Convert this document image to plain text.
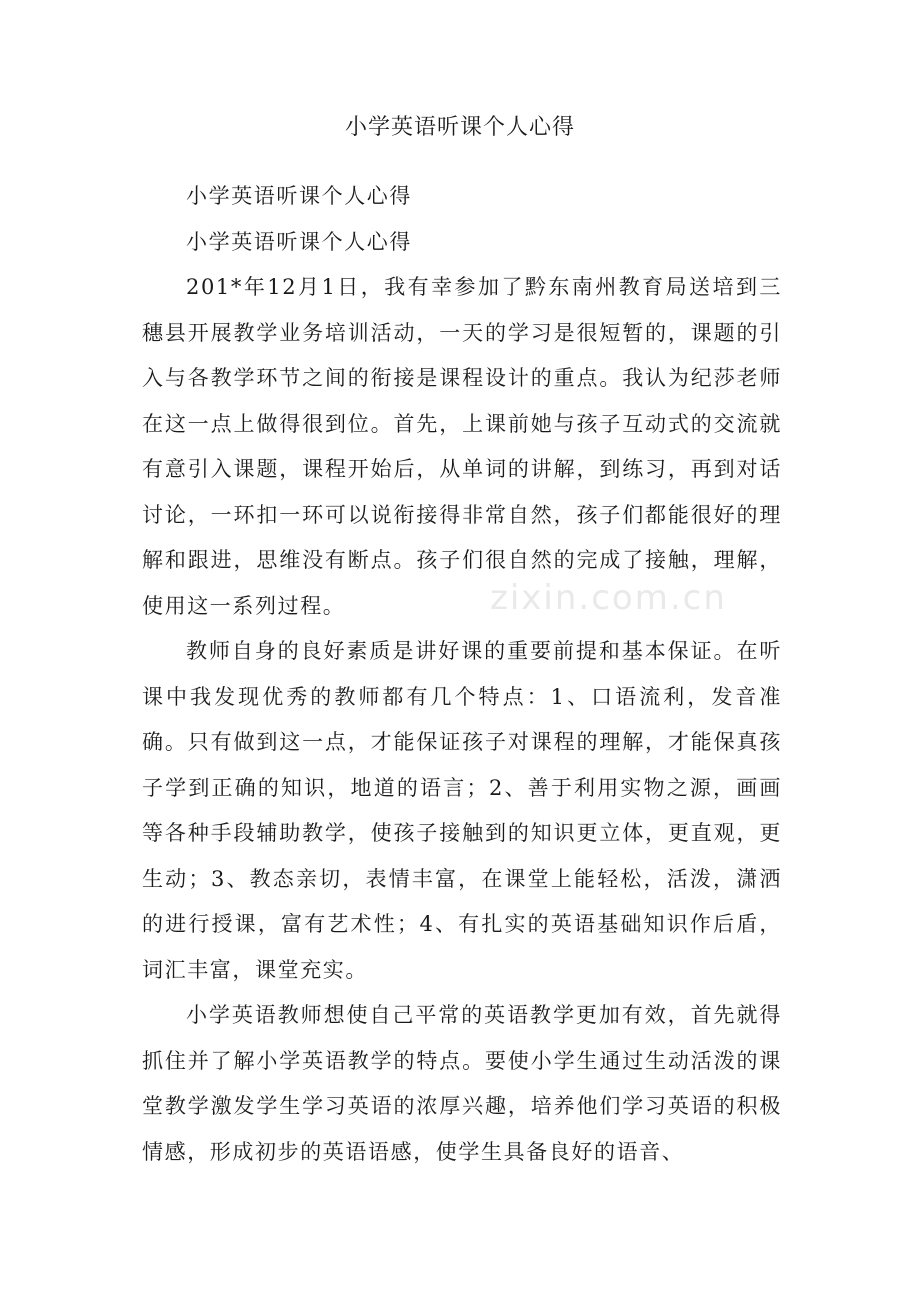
小学英语听课个人心得
zixin.com.cn

小学英语听课个人心得

小学英语听课个人心得

201*年12月1日，我有幸参加了黔东南州教育局送培到三穗县开展教学业务培训活动，一天的学习是很短暂的，课题的引入与各教学环节之间的衔接是课程设计的重点。我认为纪莎老师在这一点上做得很到位。首先，上课前她与孩子互动式的交流就有意引入课题，课程开始后，从单词的讲解，到练习，再到对话讨论，一环扣一环可以说衔接得非常自然，孩子们都能很好的理解和跟进，思维没有断点。孩子们很自然的完成了接触，理解，使用这一系列过程。

教师自身的良好素质是讲好课的重要前提和基本保证。在听课中我发现优秀的教师都有几个特点：1、口语流利，发音准确。只有做到这一点，才能保证孩子对课程的理解，才能保真孩子学到正确的知识，地道的语言；2、善于利用实物之源，画画等各种手段辅助教学，使孩子接触到的知识更立体，更直观，更生动；3、教态亲切，表情丰富，在课堂上能轻松，活泼，潇洒的进行授课，富有艺术性；4、有扎实的英语基础知识作后盾，词汇丰富，课堂充实。

小学英语教师想使自己平常的英语教学更加有效，首先就得抓住并了解小学英语教学的特点。要使小学生通过生动活泼的课堂教学激发学生学习英语的浓厚兴趣，培养他们学习英语的积极情感，形成初步的英语语感，使学生具备良好的语音、
